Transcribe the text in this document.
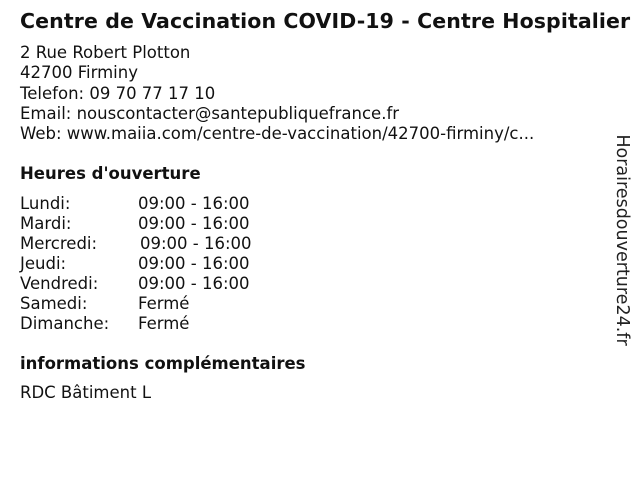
Centre de Vaccination COVID-19 - Centre Hospitalier
2 Rue Robert Plotton
42700 Firminy
Telefon: 09 70 77 17 10
Email: nouscontacter@santepubliquefrance.fr
Web: www.maiia.com/centre-de-vaccination/42700-firminy/c...
Heures d'ouverture
Lundi:	09:00 - 16:00
Mardi:	09:00 - 16:00
Mercredi:	09:00 - 16:00
Jeudi:	09:00 - 16:00
Vendredi: 09:00 - 16:00
Samedi:	Fermé
Dimanche: Fermé
informations complémentaires
RDC Bâtiment L
Horairesdouverture24.fr
